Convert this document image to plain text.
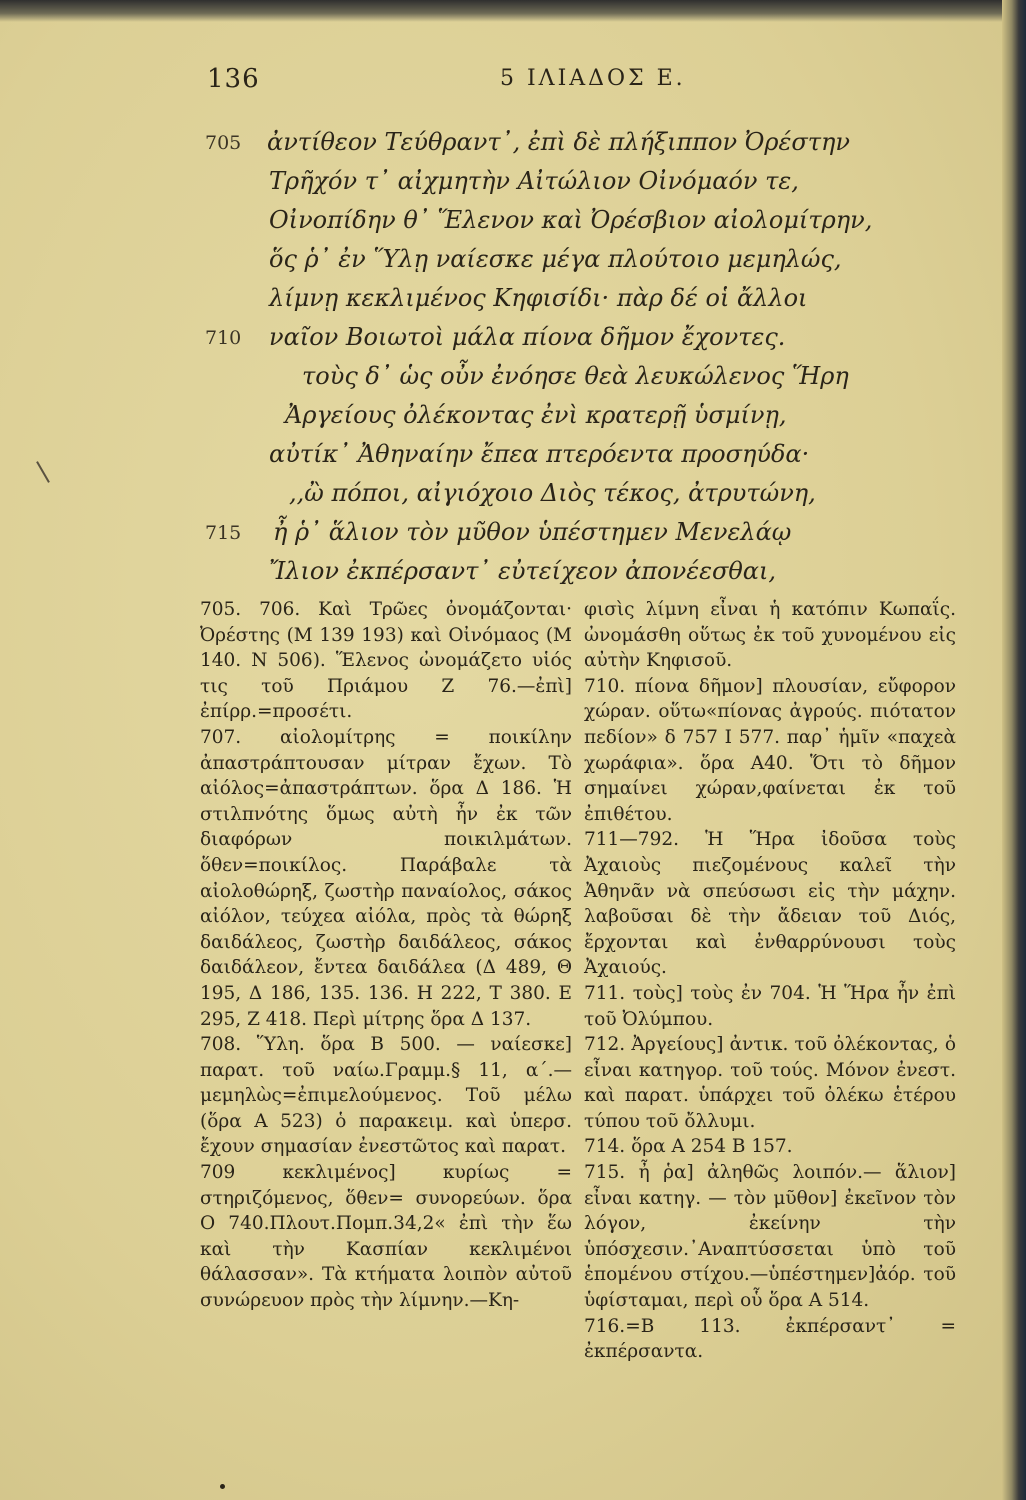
136	5 ΙΛΙΑΔΟΣ Ε.
705 ἀντίθεον Τεύθραντ᾽, ἐπὶ δὲ πλήξιππον Ὀρέστην
Τρῆχόν τ᾽ αἰχμητὴν Αἰτώλιον Οἰνόμαόν τε,
Οἰνοπίδην θ᾽ Ἕλενον καὶ Ὀρέσβιον αἰολομίτρην,
ὅς ῥ᾽ ἐν Ὕλῃ ναίεσκε μέγα πλούτοιο μεμηλώς,
λίμνῃ κεκλιμένος Κηφισίδι· πὰρ δέ οἱ ἄλλοι
710 ναῖον Βοιωτοὶ μάλα πίονα δῆμον ἔχοντες.
τοὺς δ᾽ ὡς οὖν ἐνόησε θεὰ λευκώλενος Ἥρη
Ἀργείους ὀλέκοντας ἐνὶ κρατερῇ ὑσμίνῃ,
αὐτίκ᾽ Ἀθηναίην ἔπεα πτερόεντα προσηύδα·
,,ὢ πόποι, αἰγιόχοιο Διὸς τέκος, ἀτρυτώνη,
715 ἦ ῥ᾽ ἅλιον τὸν μῦθον ὑπέστημεν Μενελάῳ
Ἴλιον ἐκπέρσαντ᾽ εὐτείχεον ἀπονέεσθαι,

705. 706. Καὶ Τρῶες ὀνομάζονται· Ὀρέστης (Μ 139 193) καὶ Οἰνόμαος (Μ 140. Ν 506). Ἕλενος ὠνομάζετο υἱός τις τοῦ Πριάμου Ζ 76.—ἐπὶ] ἐπίρρ.=προσέτι.

707. αἰολομίτρης = ποικίλην ἀπαστράπτουσαν μίτραν ἔχων. Τὸ αἰόλος=ἀπαστράπτων. ὅρα Δ 186. Ἡ στιλπνότης ὅμως αὐτὴ ἦν ἐκ τῶν διαφόρων ποικιλμάτων. ὅθεν=ποικίλος. Παράβαλε τὰ αἰολοθώρηξ, ζωστὴρ παναίολος, σάκος αἰόλον, τεύχεα αἰόλα, πρὸς τὰ θώρηξ δαιδάλεος, ζωστὴρ δαιδάλεος, σάκος δαιδάλεον, ἔντεα δαιδάλεα (Δ 489, Θ 195, Δ 186, 135. 136. Η 222, Τ 380. Ε 295, Ζ 418. Περὶ μίτρης ὅρα Δ 137.

708. Ὕλη. ὅρα Β 500. — ναίεσκε] παρατ. τοῦ ναίω.Γραμμ.§ 11, α΄.—μεμηλὼς=ἐπιμελούμενος. Τοῦ μέλω (ὅρα Α 523) ὁ παρακειμ. καὶ ὑπερσ. ἔχουν σημασίαν ἐνεστῶτος καὶ παρατ.

709 κεκλιμένος] κυρίως = στηριζόμενος, ὅθεν= συνορεύων. ὅρα Ο 740.Πλουτ.Πομπ.34,2« ἐπὶ τὴν ἕω καὶ τὴν Κασπίαν κεκλιμένοι θάλασσαν». Τὰ κτήματα λοιπὸν αὐτοῦ συνώρευον πρὸς τὴν λίμνην.—Κη-

φισὶς λίμνη εἶναι ἡ κατόπιν Κωπαΐς. ὠνομάσθη οὕτως ἐκ τοῦ χυνομένου εἰς αὐτὴν Κηφισοῦ.

710. πίονα δῆμον] πλουσίαν, εὔφορον χώραν. οὕτω«πίονας ἀγρούς. πιότατον πεδίον» δ 757 Ι 577. παρ᾽ ἡμῖν «παχεὰ χωράφια». ὅρα Α40. Ὅτι τὸ δῆμον σημαίνει χώραν,φαίνεται ἐκ τοῦ ἐπιθέτου.

711—792. Ἡ Ἥρα ἰδοῦσα τοὺς Ἀχαιοὺς πιεζομένους καλεῖ τὴν Ἀθηνᾶν νὰ σπεύσωσι εἰς τὴν μάχην. λαβοῦσαι δὲ τὴν ἄδειαν τοῦ Διός, ἔρχονται καὶ ἐνθαρρύνουσι τοὺς Ἀχαιούς.

711. τοὺς] τοὺς ἐν 704. Ἡ Ἥρα ἦν ἐπὶ τοῦ Ὀλύμπου.

712. Ἀργείους] ἀντικ. τοῦ ὀλέκοντας, ὁ εἶναι κατηγορ. τοῦ τούς. Μόνον ἐνεστ. καὶ παρατ. ὑπάρχει τοῦ ὀλέκω ἑτέρου τύπου τοῦ ὄλλυμι.

714. ὅρα Α 254 Β 157.

715. ἦ ῥα] ἀληθῶς λοιπόν.— ἅλιον] εἶναι κατηγ. — τὸν μῦθον] ἐκεῖνον τὸν λόγον, ἐκείνην τὴν ὑπόσχεσιν.᾽Αναπτύσσεται ὑπὸ τοῦ ἑπομένου στίχου.—ὑπέστημεν]ἀόρ. τοῦ ὑφίσταμαι, περὶ οὗ ὅρα Α 514.

716.=Β 113. ἐκπέρσαντ᾽ = ἐκπέρσαντα.
